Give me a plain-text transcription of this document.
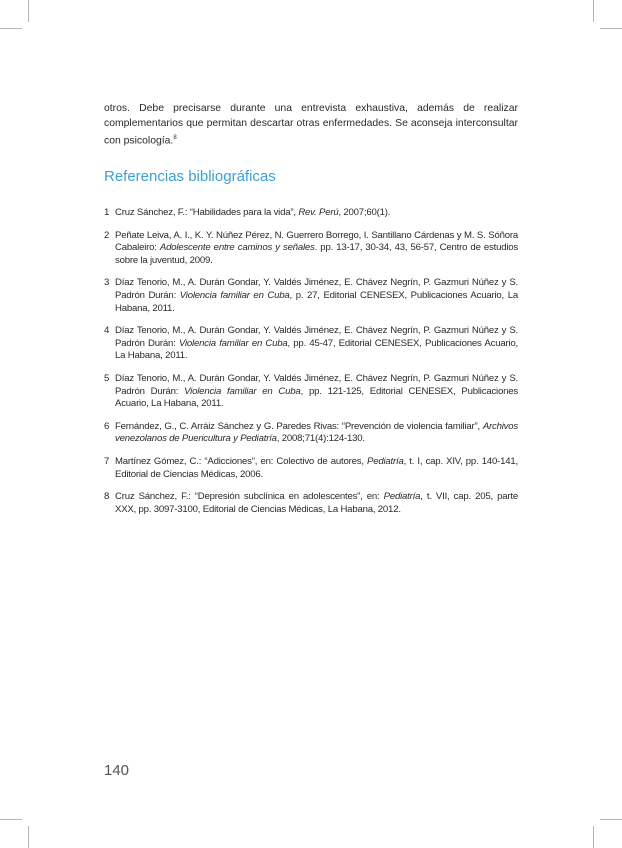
otros. Debe precisarse durante una entrevista exhaustiva, además de realizar complementarios que permitan descartar otras enfermedades. Se aconseja interconsultar con psicología.$^8$

Referencias bibliográficas
1 Cruz Sánchez, F.: “Habilidades para la vida”, Rev. Perú, 2007;60(1).
2 Peñate Leiva, A. I., K. Y. Núñez Pérez, N. Guerrero Borrego, I. Santillano Cárdenas y M. S. Sóñora Cabaleiro: Adolescente entre caminos y señales. pp. 13-17, 30-34, 43, 56-57, Centro de estudios sobre la juventud, 2009.
3 Díaz Tenorio, M., A. Durán Gondar, Y. Valdés Jiménez, E. Chávez Negrín, P. Gazmuri Núñez y S. Padrón Durán: Violencia familiar en Cuba, p. 27, Editorial CENESEX, Publicaciones Acuario, La Habana, 2011.
4 Díaz Tenorio, M., A. Durán Gondar, Y. Valdés Jiménez, E. Chávez Negrín, P. Gazmuri Núñez y S. Padrón Durán: Violencia familiar en Cuba, pp. 45-47, Editorial CENESEX, Publicaciones Acuario, La Habana, 2011.
5 Díaz Tenorio, M., A. Durán Gondar, Y. Valdés Jiménez, E. Chávez Negrín, P. Gazmuri Núñez y S. Padrón Durán: Violencia familiar en Cuba, pp. 121-125, Editorial CENESEX, Publicaciones Acuario, La Habana, 2011.
6 Fernández, G., C. Arráiz Sánchez y G. Paredes Rivas: “Prevención de violencia familiar”, Archivos venezolanos de Puericultura y Pediatría, 2008;71(4):124-130.
7 Martínez Gómez, C.: “Adicciones”, en: Colectivo de autores, Pediatría, t. I, cap. XIV, pp. 140-141, Editorial de Ciencias Médicas, 2006.
8 Cruz Sánchez, F.: “Depresión subclínica en adolescentes”, en: Pediatría, t. VII, cap. 205, parte XXX, pp. 3097-3100, Editorial de Ciencias Médicas, La Habana, 2012.
140
